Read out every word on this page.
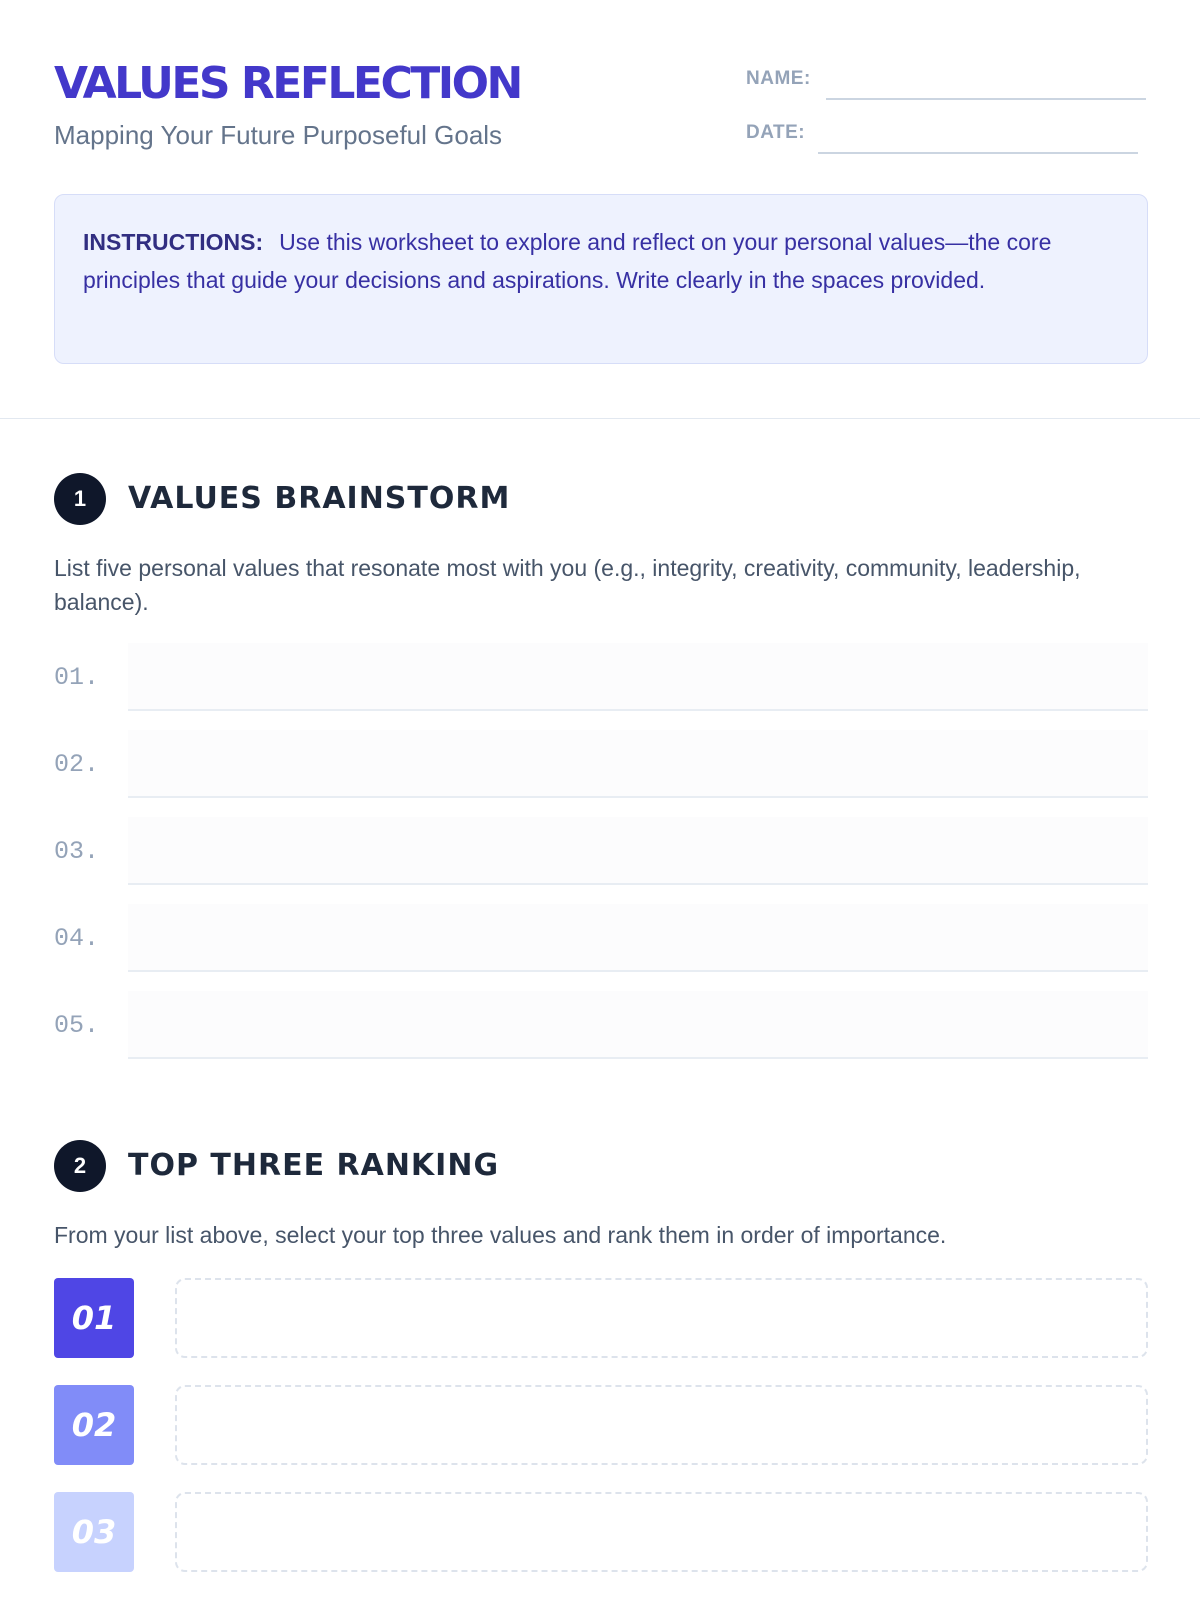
VALUES REFLECTION
Mapping Your Future Purposeful Goals
NAME:
DATE:
INSTRUCTIONS: Use this worksheet to explore and reflect on your personal values—the core principles that guide your decisions and aspirations. Write clearly in the spaces provided.
1	VALUES BRAINSTORM
List five personal values that resonate most with you (e.g., integrity, creativity, community, leadership, balance).
01.
02.
03.
04.
05.
2	TOP THREE RANKING
From your list above, select your top three values and rank them in order of importance.
01
02
03
